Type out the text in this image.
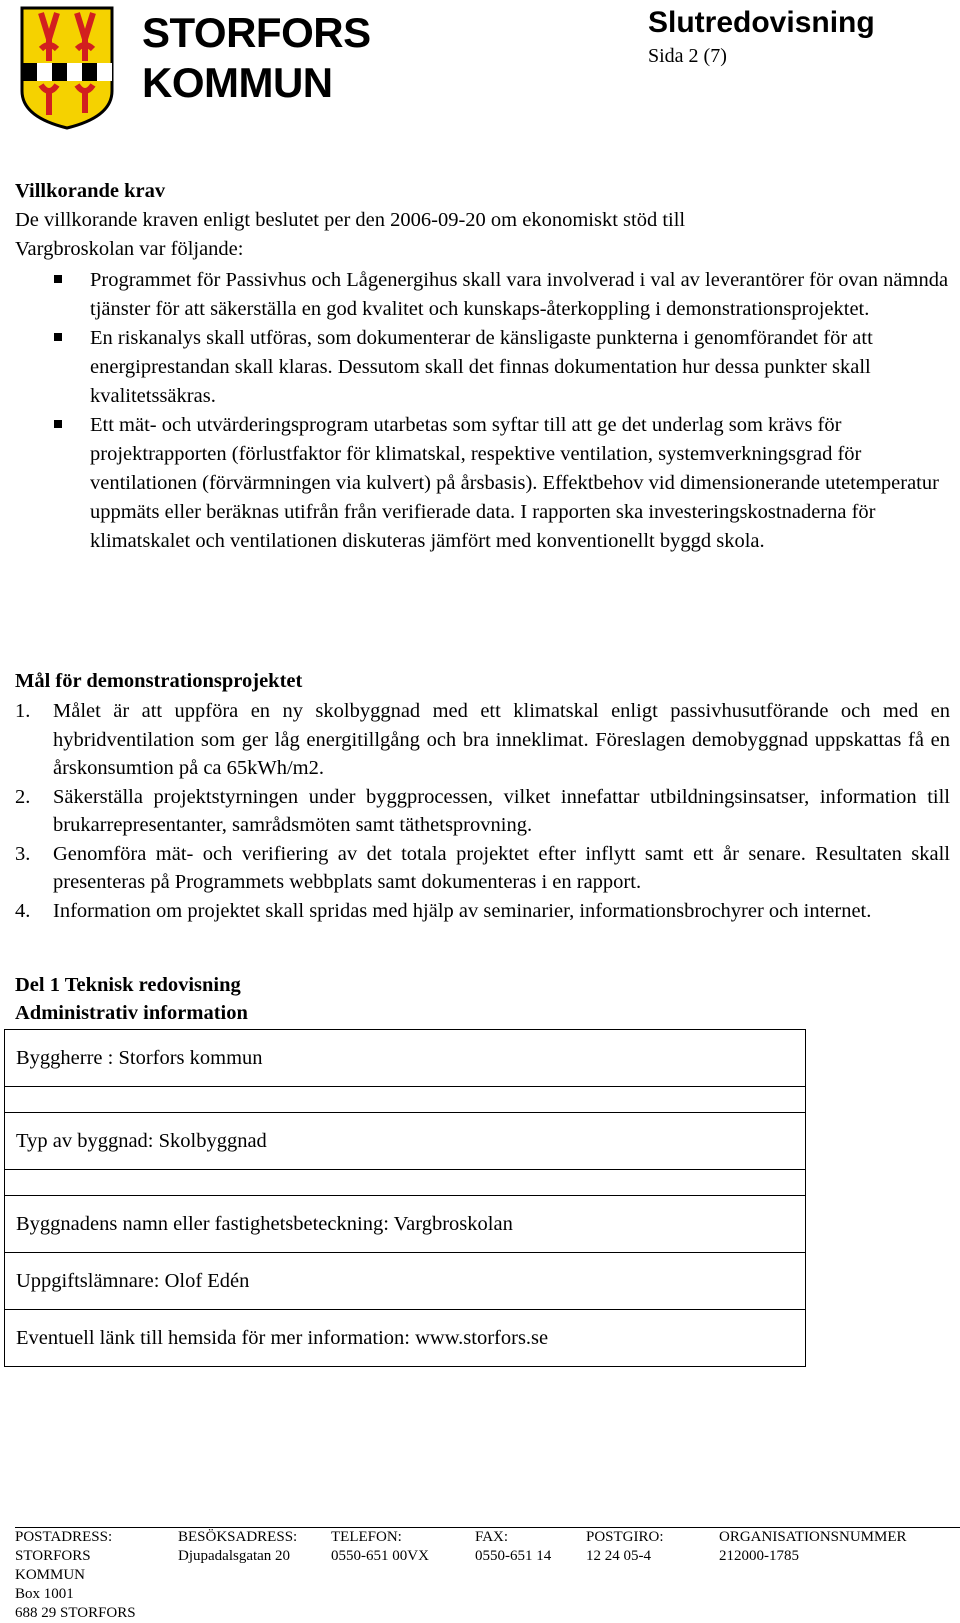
STORFORS
KOMMUN
Slutredovisning
Sida 2 (7)
Villkorande krav
De villkorande kraven enligt beslutet per den 2006-09-20 om ekonomiskt stöd till
Vargbroskolan var följande:
Programmet för Passivhus och Lågenergihus skall vara involverad i val av leverantörer för ovan nämnda tjänster för att säkerställa en god kvalitet och kunskaps-återkoppling i demonstrationsprojektet.
En riskanalys skall utföras, som dokumenterar de känsligaste punkterna i genomförandet för att energiprestandan skall klaras. Dessutom skall det finnas dokumentation hur dessa punkter skall kvalitetssäkras.
Ett mät- och utvärderingsprogram utarbetas som syftar till att ge det underlag som krävs för projektrapporten (förlustfaktor för klimatskal, respektive ventilation, systemverkningsgrad för ventilationen (förvärmningen via kulvert) på årsbasis). Effektbehov vid dimensionerande utetemperatur uppmäts eller beräknas utifrån från verifierade data. I rapporten ska investeringskostnaderna för klimatskalet och ventilationen diskuteras jämfört med konventionellt byggd skola.
Mål för demonstrationsprojektet
1. Målet är att uppföra en ny skolbyggnad med ett klimatskal enligt passivhusutförande och med en hybridventilation som ger låg energitillgång och bra inneklimat. Föreslagen demobyggnad uppskattas få en årskonsumtion på ca 65kWh/m2.
2. Säkerställa projektstyrningen under byggprocessen, vilket innefattar utbildningsinsatser, information till brukarrepresentanter, samrådsmöten samt täthetsprovning.
3. Genomföra mät- och verifiering av det totala projektet efter inflytt samt ett år senare. Resultaten skall presenteras på Programmets webbplats samt dokumenteras i en rapport.
4. Information om projektet skall spridas med hjälp av seminarier, informationsbrochyrer och internet.
Del 1 Teknisk redovisning
Administrativ information
Byggherre : Storfors kommun

Typ av byggnad: Skolbyggnad

Byggnadens namn eller fastighetsbeteckning: Vargbroskolan
Uppgiftslämnare: Olof Edén
Eventuell länk till hemsida för mer information: www.storfors.se
POSTADRESS:
STORFORS
KOMMUN
Box 1001
688 29 STORFORS
BESÖKSADRESS:
Djupadalsgatan 20
TELEFON:
0550-651 00VX
FAX:
0550-651 14
POSTGIRO:
12 24 05-4
ORGANISATIONSNUMMER
212000-1785
